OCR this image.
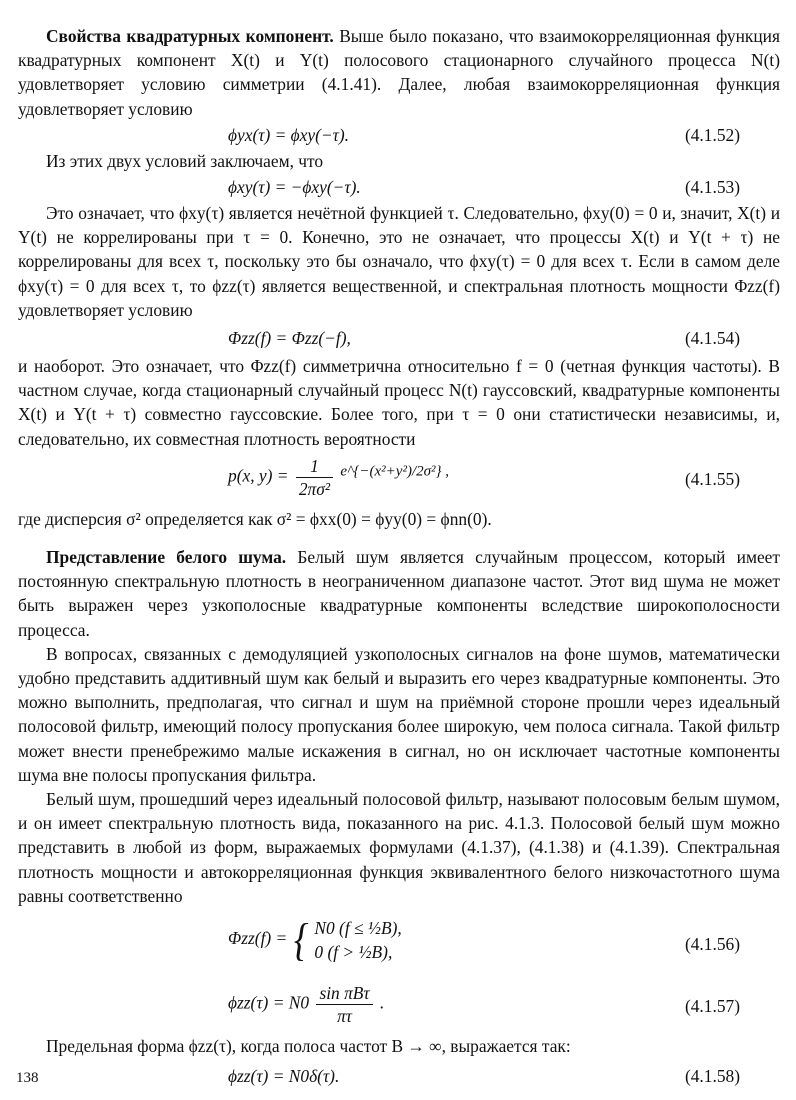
Свойства квадратурных компонент. Выше было показано, что взаимокорреляционная функция квадратурных компонент X(t) и Y(t) полосового стационарного случайного процесса N(t) удовлетворяет условию симметрии (4.1.41). Далее, любая взаимокорреляционная функция удовлетворяет условию

ϕyx(τ) = ϕxy(−τ).	(4.1.52)

Из этих двух условий заключаем, что

ϕxy(τ) = −ϕxy(−τ).	(4.1.53)

Это означает, что ϕxy(τ) является нечётной функцией τ. Следовательно, ϕxy(0) = 0 и, значит, X(t) и Y(t) не коррелированы при τ = 0. Конечно, это не означает, что процессы X(t) и Y(t + τ) не коррелированы для всех τ, поскольку это бы означало, что ϕxy(τ) = 0 для всех τ. Если в самом деле ϕxy(τ) = 0 для всех τ, то ϕzz(τ) является вещественной, и спектральная плотность мощности Φzz(f) удовлетворяет условию

Φzz(f) = Φzz(−f),	(4.1.54)

и наоборот. Это означает, что Φzz(f) симметрична относительно f = 0 (четная функция частоты). В частном случае, когда стационарный случайный процесс N(t) гауссовский, квадратурные компоненты X(t) и Y(t + τ) совместно гауссовские. Более того, при τ = 0 они статистически независимы, и, следовательно, их совместная плотность вероятности

p(x, $y) = \frac{1}{\text{2πσ²}}$ e^{−(x²+y²)/2σ²} ,	(4.1.55)

где дисперсия σ² определяется как σ² = ϕxx(0) = ϕyy(0) = ϕnn(0).

Представление белого шума. Белый шум является случайным процессом, который имеет постоянную спектральную плотность в неограниченном диапазоне частот. Этот вид шума не может быть выражен через узкополосные квадратурные компоненты вследствие широкополосности процесса.

В вопросах, связанных с демодуляцией узкополосных сигналов на фоне шумов, математически удобно представить аддитивный шум как белый и выразить его через квадратурные компоненты. Это можно выполнить, предполагая, что сигнал и шум на приёмной стороне прошли через идеальный полосовой фильтр, имеющий полосу пропускания более широкую, чем полоса сигнала. Такой фильтр может внести пренебрежимо малые искажения в сигнал, но он исключает частотные компоненты шума вне полосы пропускания фильтра.

Белый шум, прошедший через идеальный полосовой фильтр, называют полосовым белым шумом, и он имеет спектральную плотность вида, показанного на рис. 4.1.3. Полосовой белый шум можно представить в любой из форм, выражаемых формулами (4.1.37), (4.1.38) и (4.1.39). Спектральная плотность мощности и автокорреляционная функция эквивалентного белого низкочастотного шума равны соответственно

Φzz(f) = { N0 (f ≤ ½B),
0 (f > ½B),	(4.1.56)
$\phi zz(\tau) = N0 \frac{\text{sin πBτ}}{\pi\tau}$ .	(4.1.57)

Предельная форма ϕzz(τ), когда полоса частот B → ∞, выражается так:

ϕzz(τ) = N0δ(τ).	(4.1.58)
138
